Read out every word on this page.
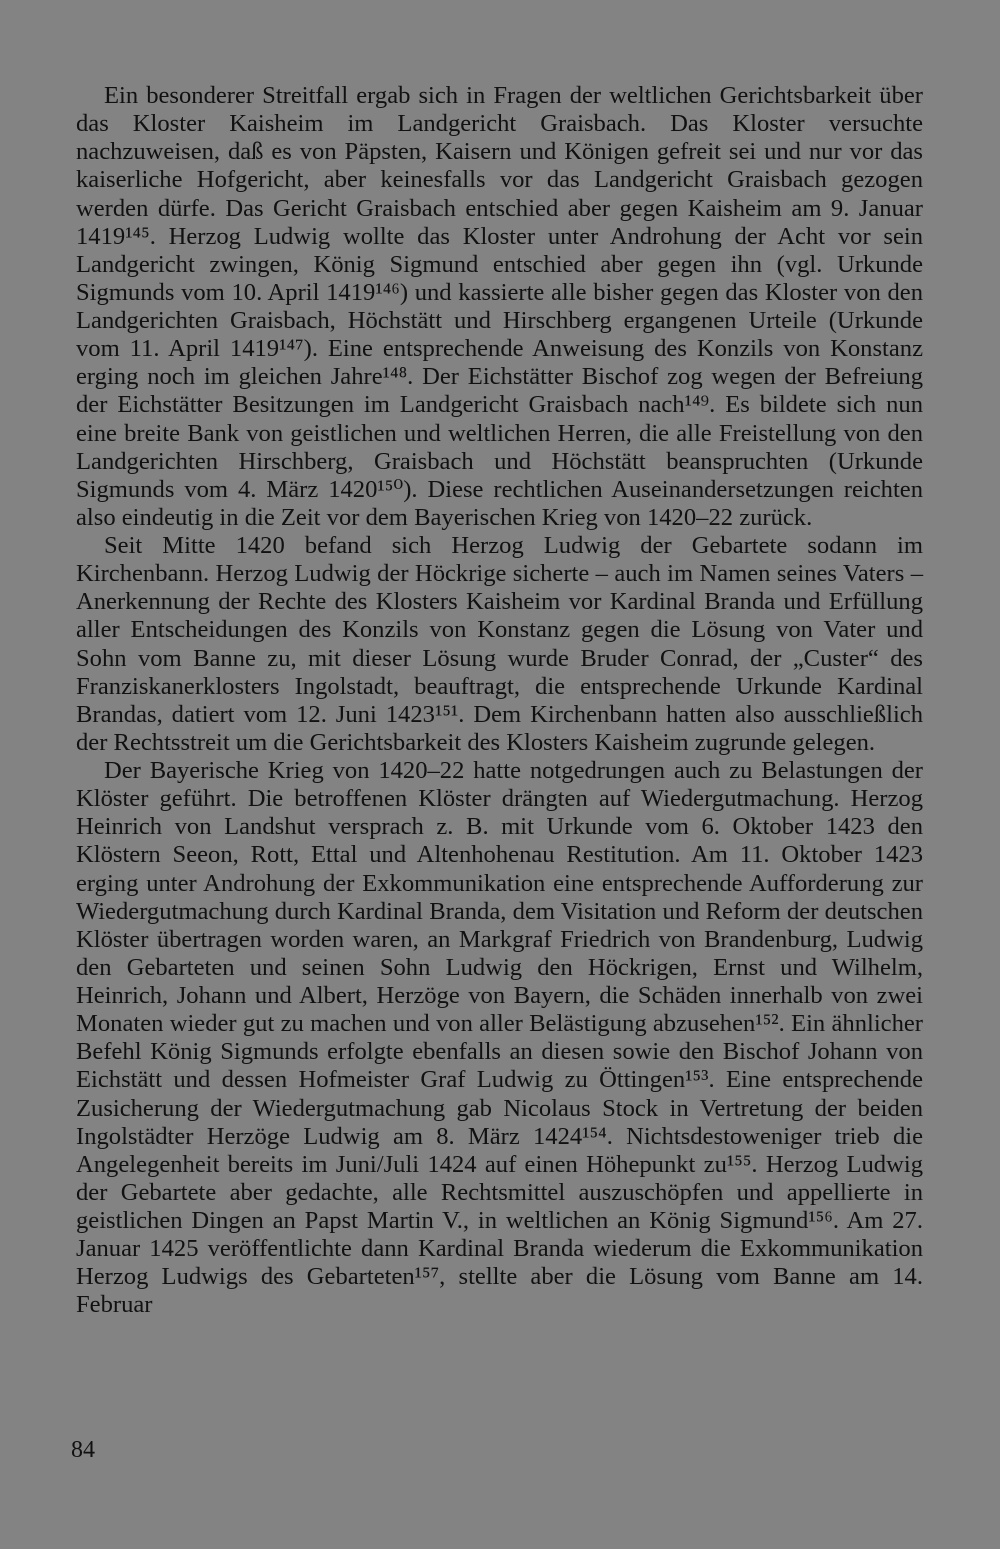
Ein besonderer Streitfall ergab sich in Fragen der weltlichen Gerichtsbarkeit über das Kloster Kaisheim im Landgericht Graisbach. Das Kloster versuchte nachzuweisen, daß es von Päpsten, Kaisern und Königen gefreit sei und nur vor das kaiserliche Hofgericht, aber keinesfalls vor das Landgericht Graisbach gezogen werden dürfe. Das Gericht Graisbach entschied aber gegen Kaisheim am 9. Januar 1419¹⁴⁵. Herzog Ludwig wollte das Kloster unter Androhung der Acht vor sein Landgericht zwingen, König Sigmund entschied aber gegen ihn (vgl. Urkunde Sigmunds vom 10. April 1419¹⁴⁶) und kassierte alle bisher gegen das Kloster von den Landgerichten Graisbach, Höchstätt und Hirschberg ergangenen Urteile (Urkunde vom 11. April 1419¹⁴⁷). Eine entsprechende Anweisung des Konzils von Konstanz erging noch im gleichen Jahre¹⁴⁸. Der Eichstätter Bischof zog wegen der Befreiung der Eichstätter Besitzungen im Landgericht Graisbach nach¹⁴⁹. Es bildete sich nun eine breite Bank von geistlichen und weltlichen Herren, die alle Freistellung von den Landgerichten Hirschberg, Graisbach und Höchstätt beanspruchten (Urkunde Sigmunds vom 4. März 1420¹⁵⁰). Diese rechtlichen Auseinandersetzungen reichten also eindeutig in die Zeit vor dem Bayerischen Krieg von 1420–22 zurück.

Seit Mitte 1420 befand sich Herzog Ludwig der Gebartete sodann im Kirchenbann. Herzog Ludwig der Höckrige sicherte – auch im Namen seines Vaters – Anerkennung der Rechte des Klosters Kaisheim vor Kardinal Branda und Erfüllung aller Entscheidungen des Konzils von Konstanz gegen die Lösung von Vater und Sohn vom Banne zu, mit dieser Lösung wurde Bruder Conrad, der „Custer“ des Franziskanerklosters Ingolstadt, beauftragt, die entsprechende Urkunde Kardinal Brandas, datiert vom 12. Juni 1423¹⁵¹. Dem Kirchenbann hatten also ausschließlich der Rechtsstreit um die Gerichtsbarkeit des Klosters Kaisheim zugrunde gelegen.

Der Bayerische Krieg von 1420–22 hatte notgedrungen auch zu Belastungen der Klöster geführt. Die betroffenen Klöster drängten auf Wiedergutmachung. Herzog Heinrich von Landshut versprach z. B. mit Urkunde vom 6. Oktober 1423 den Klöstern Seeon, Rott, Ettal und Altenhohenau Restitution. Am 11. Oktober 1423 erging unter Androhung der Exkommunikation eine entsprechende Aufforderung zur Wiedergutmachung durch Kardinal Branda, dem Visitation und Reform der deutschen Klöster übertragen worden waren, an Markgraf Friedrich von Brandenburg, Ludwig den Gebarteten und seinen Sohn Ludwig den Höckrigen, Ernst und Wilhelm, Heinrich, Johann und Albert, Herzöge von Bayern, die Schäden innerhalb von zwei Monaten wieder gut zu machen und von aller Belästigung abzusehen¹⁵². Ein ähnlicher Befehl König Sigmunds erfolgte ebenfalls an diesen sowie den Bischof Johann von Eichstätt und dessen Hofmeister Graf Ludwig zu Öttingen¹⁵³. Eine entsprechende Zusicherung der Wiedergutmachung gab Nicolaus Stock in Vertretung der beiden Ingolstädter Herzöge Ludwig am 8. März 1424¹⁵⁴. Nichtsdestoweniger trieb die Angelegenheit bereits im Juni/Juli 1424 auf einen Höhepunkt zu¹⁵⁵. Herzog Ludwig der Gebartete aber gedachte, alle Rechtsmittel auszuschöpfen und appellierte in geistlichen Dingen an Papst Martin V., in weltlichen an König Sigmund¹⁵⁶. Am 27. Januar 1425 veröffentlichte dann Kardinal Branda wiederum die Exkommunikation Herzog Ludwigs des Gebarteten¹⁵⁷, stellte aber die Lösung vom Banne am 14. Februar

84
